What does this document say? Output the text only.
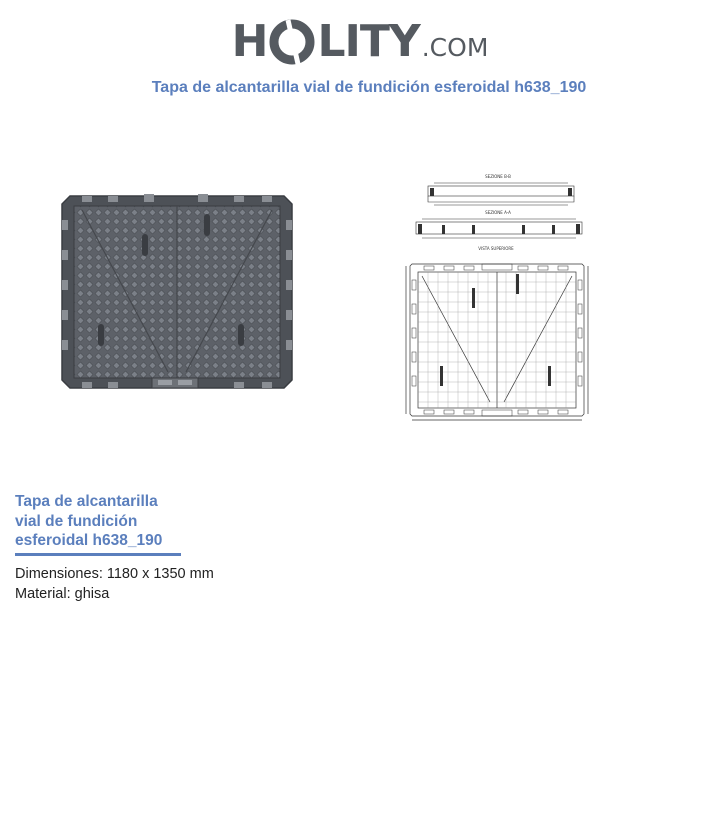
H LITY .COM
Tapa de alcantarilla vial de fundición esferoidal h638_190
SEZIONE B-B
SEZIONE A-A
VISTA SUPERIORE
Tapa de alcantarilla vial de fundición esferoidal h638_190
Dimensiones: 1180 x 1350 mm
Material: ghisa
